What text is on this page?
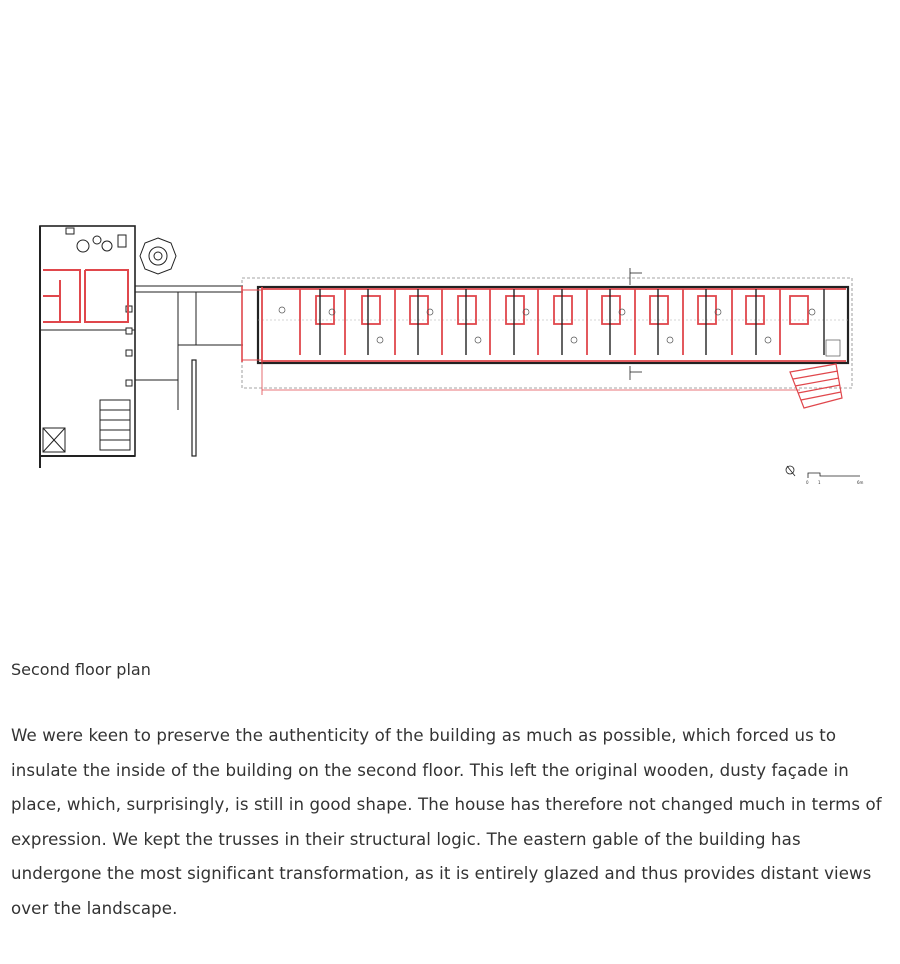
0 1	6m

Second floor plan

We were keen to preserve the authenticity of the building as much as possible, which forced us to insulate the inside of the building on the second floor. This left the original wooden, dusty façade in place, which, surprisingly, is still in good shape. The house has therefore not changed much in terms of expression. We kept the trusses in their structural logic. The eastern gable of the building has undergone the most significant transformation, as it is entirely glazed and thus provides distant views over the landscape.
